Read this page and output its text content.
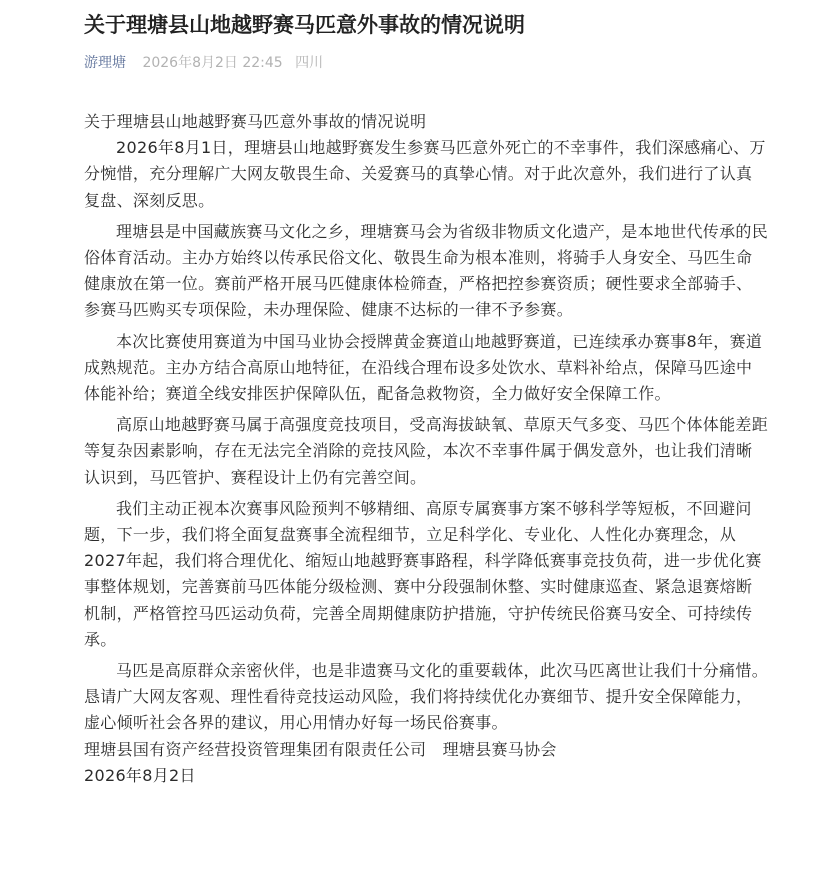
关于理塘县山地越野赛马匹意外事故的情况说明
游理塘 2026年8月2日 22:45 四川

关于理塘县山地越野赛马匹意外事故的情况说明

2026年8月1日，理塘县山地越野赛发生参赛马匹意外死亡的不幸事件，我们深感痛心、万分惋惜，充分理解广大网友敬畏生命、关爱赛马的真挚心情。对于此次意外，我们进行了认真复盘、深刻反思。

理塘县是中国藏族赛马文化之乡，理塘赛马会为省级非物质文化遗产，是本地世代传承的民俗体育活动。主办方始终以传承民俗文化、敬畏生命为根本准则，将骑手人身安全、马匹生命健康放在第一位。赛前严格开展马匹健康体检筛查，严格把控参赛资质；硬性要求全部骑手、参赛马匹购买专项保险，未办理保险、健康不达标的一律不予参赛。

本次比赛使用赛道为中国马业协会授牌黄金赛道山地越野赛道，已连续承办赛事8年，赛道成熟规范。主办方结合高原山地特征，在沿线合理布设多处饮水、草料补给点，保障马匹途中体能补给；赛道全线安排医护保障队伍，配备急救物资，全力做好安全保障工作。

高原山地越野赛马属于高强度竞技项目，受高海拔缺氧、草原天气多变、马匹个体体能差距等复杂因素影响，存在无法完全消除的竞技风险，本次不幸事件属于偶发意外，也让我们清晰认识到，马匹管护、赛程设计上仍有完善空间。

我们主动正视本次赛事风险预判不够精细、高原专属赛事方案不够科学等短板，不回避问题，下一步，我们将全面复盘赛事全流程细节，立足科学化、专业化、人性化办赛理念，从2027年起，我们将合理优化、缩短山地越野赛事路程，科学降低赛事竞技负荷，进一步优化赛事整体规划，完善赛前马匹体能分级检测、赛中分段强制休整、实时健康巡查、紧急退赛熔断机制，严格管控马匹运动负荷，完善全周期健康防护措施，守护传统民俗赛马安全、可持续传承。

马匹是高原群众亲密伙伴，也是非遗赛马文化的重要载体，此次马匹离世让我们十分痛惜。恳请广大网友客观、理性看待竞技运动风险，我们将持续优化办赛细节、提升安全保障能力，虚心倾听社会各界的建议，用心用情办好每一场民俗赛事。

理塘县国有资产经营投资管理集团有限责任公司　理塘县赛马协会

2026年8月2日
